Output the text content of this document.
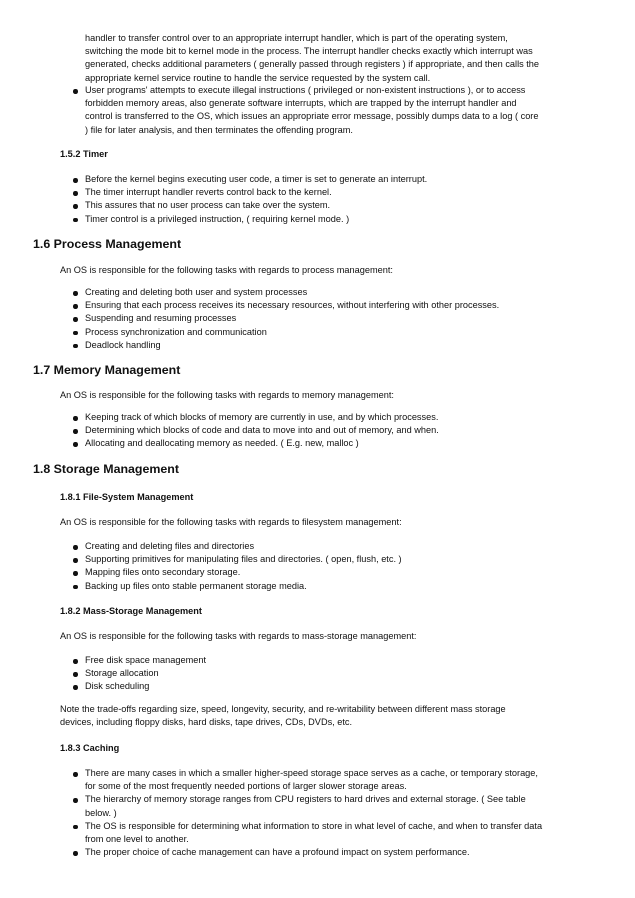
handler to transfer control over to an appropriate interrupt handler, which is part of the operating system,
switching the mode bit to kernel mode in the process. The interrupt handler checks exactly which interrupt was
generated, checks additional parameters ( generally passed through registers ) if appropriate, and then calls the
appropriate kernel service routine to handle the service requested by the system call.
User programs' attempts to execute illegal instructions ( privileged or non-existent instructions ), or to access
forbidden memory areas, also generate software interrupts, which are trapped by the interrupt handler and
control is transferred to the OS, which issues an appropriate error message, possibly dumps data to a log ( core
) file for later analysis, and then terminates the offending program.
1.5.2 Timer
Before the kernel begins executing user code, a timer is set to generate an interrupt.
The timer interrupt handler reverts control back to the kernel.
This assures that no user process can take over the system.
Timer control is a privileged instruction, ( requiring kernel mode. )
1.6 Process Management

An OS is responsible for the following tasks with regards to process management:

Creating and deleting both user and system processes
Ensuring that each process receives its necessary resources, without interfering with other processes.
Suspending and resuming processes
Process synchronization and communication
Deadlock handling
1.7 Memory Management

An OS is responsible for the following tasks with regards to memory management:

Keeping track of which blocks of memory are currently in use, and by which processes.
Determining which blocks of code and data to move into and out of memory, and when.
Allocating and deallocating memory as needed. ( E.g. new, malloc )
1.8 Storage Management
1.8.1 File-System Management

An OS is responsible for the following tasks with regards to filesystem management:

Creating and deleting files and directories
Supporting primitives for manipulating files and directories. ( open, flush, etc. )
Mapping files onto secondary storage.
Backing up files onto stable permanent storage media.
1.8.2 Mass-Storage Management

An OS is responsible for the following tasks with regards to mass-storage management:

Free disk space management
Storage allocation
Disk scheduling
Note the trade-offs regarding size, speed, longevity, security, and re-writability between different mass storage
devices, including floppy disks, hard disks, tape drives, CDs, DVDs, etc.
1.8.3 Caching
There are many cases in which a smaller higher-speed storage space serves as a cache, or temporary storage,
for some of the most frequently needed portions of larger slower storage areas.
The hierarchy of memory storage ranges from CPU registers to hard drives and external storage. ( See table
below. )
The OS is responsible for determining what information to store in what level of cache, and when to transfer data
from one level to another.
The proper choice of cache management can have a profound impact on system performance.
